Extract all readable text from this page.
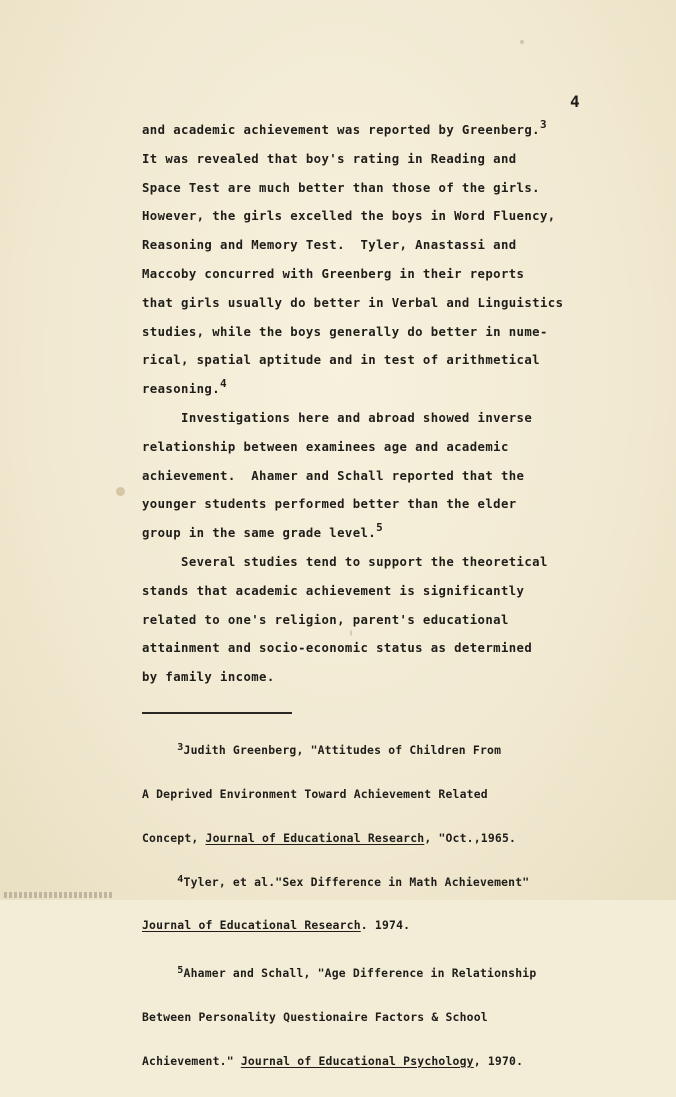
4
and academic achievement was reported by Greenberg.3
It was revealed that boy's rating in Reading and
Space Test are much better than those of the girls.
However, the girls excelled the boys in Word Fluency,
Reasoning and Memory Test.  Tyler, Anastassi and
Maccoby concurred with Greenberg in their reports
that girls usually do better in Verbal and Linguistics
studies, while the boys generally do better in nume-
rical, spatial aptitude and in test of arithmetical
reasoning.4
Investigations here and abroad showed inverse
relationship between examinees age and academic
achievement.  Ahamer and Schall reported that the
younger students performed better than the elder
group in the same grade level.5
Several studies tend to support the theoretical
stands that academic achievement is significantly
related to one's religion, parent's educational
attainment and socio-economic status as determined
by family income.

3Judith Greenberg, "Attitudes of Children From

A Deprived Environment Toward Achievement Related

Concept, Journal of Educational Research, "Oct.,1965.

4Tyler, et al."Sex Difference in Math Achievement"

Journal of Educational Research. 1974.

5Ahamer and Schall, "Age Difference in Relationship

Between Personality Questionaire Factors & School

Achievement." Journal of Educational Psychology, 1970.
